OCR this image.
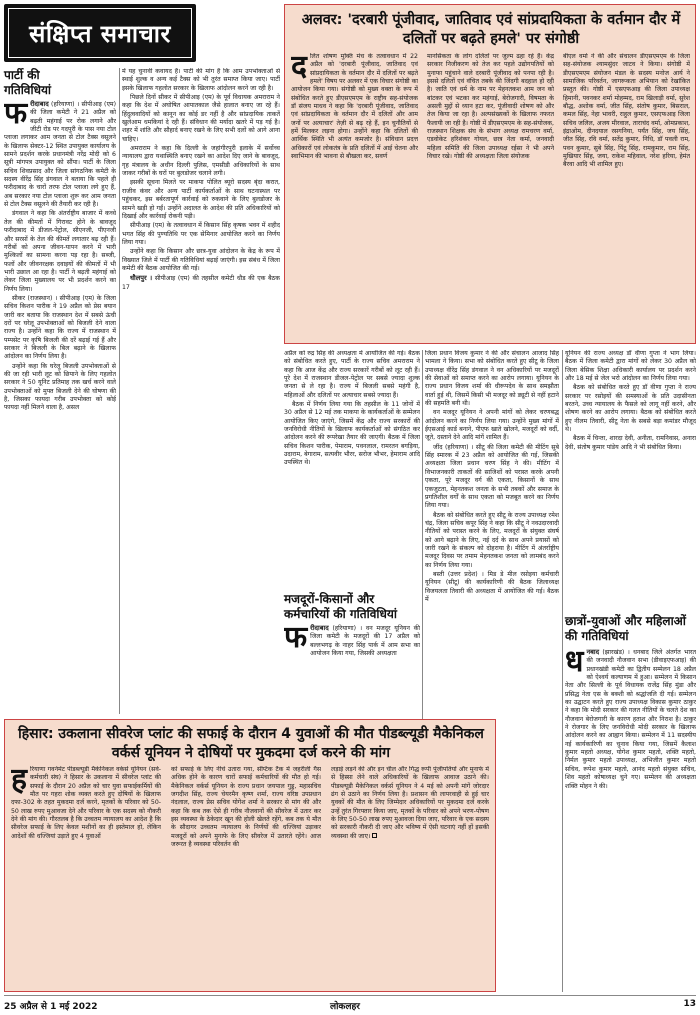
संक्षिप्त समाचार
पार्टी की
गतिविधियां

फरीदाबाद (हरियाणा) । सीपीआइ (एम) की जिला कमेटी ने 21 अप्रैल को बढ़ती महंगाई पर रोक लगाने और जीटी रोड पर गदपुरी के पास नया टोल प्लाजा लगाकर आम जनता से टोल टैक्स वसूलने के खिलाफ सेक्टर-12 स्थित उपायुक्त कार्यालय के सामने प्रदर्शन करके प्रधानमंत्री नरेंद्र मोदी को 6 सूत्री मांगपत्र उपायुक्त को सौंपा। पार्टी के जिला सचिव शिवप्रसाद और जिला सांगठनिक कमेटी के सदस्य वीरेंद्र सिंह डंगवाल ने बताया कि पहले ही फरीदाबाद के चारों तरफ टोल प्लाजा लगे हुए हैं, अब सरकार नया टोल प्लाजा शुरू कर आम जनता से टोल टैक्स वसूलने की तैयारी कर रही है।

डंगवाल ने कहा कि अंतर्राष्ट्रीय बाजार में कच्चे तेल की कीमतों में गिरावट होने के बावजूद फरीदाबाद में डीजल-पेट्रोल, सीएनजी, पीएनजी और सरसों के तेल की कीमतें लगातार बढ़ रही हैं। गरीबों को अपना जीवन-यापन करने में भारी मुश्किलों का सामना करना पड़ रहा है। सब्जी, फलों और जीवनरक्षक दवाइयों की कीमतों में भी भारी उछाल आ रहा है। पार्टी ने बढ़ती महंगाई को लेकर जिला मुख्यालय पर भी प्रदर्शन करने का निर्णय लिया।

सीकर (राजस्थान) । सीपीआइ (एम) के जिला सचिव किशन पारीक ने 19 अप्रैल को प्रेस बयान जारी कर बताया कि राजस्थान देश में सबसे ऊंची दरों पर घरेलू उपभोक्ताओं को बिजली देने वाला राज्य है। उन्होंने कहा कि राज्य में राजस्थान में पम्पसेट पर कृषि बिजली की दरें बढ़ाई गई हैं और सरकार ने बिजली के बिल बढ़ाने के खिलाफ आंदोलन का निर्णय लिया है।

उन्होंने कहा कि घरेलू बिजली उपभोक्ताओं से की जा रही भारी लूट को छिपाने के लिए गहलोत सरकार ने 50 यूनिट प्रतिमाह तक खर्च करने वाले उपभोक्ताओं को मुफ्त बिजली देने की घोषणा की है, जिसका फायदा गरीब उपभोक्ता को कोई फायदा नहीं मिलने वाला है, असल

में यह चुनावी कवायद है। पार्टी की मांग है कि आम उपभोक्ताओं से स्थाई शुल्क व अन्य कई टैक्स को भी तुरंत समाप्त किया जाए। पार्टी इसके खिलाफ गहलोत सरकार के खिलाफ आंदोलन करने जा रही है।

पिछले दिनों सीकर में सीपीआइ (एम) के पूर्व विधायक अमराराम ने कहा कि देश में अघोषित आपातकाल जैसे हालात बनाए जा रहे हैं। हिंदुत्ववादियों को कानून का कोई डर नहीं है और सांप्रदायिक ताकतें खुलेआम धमकियां दे रही हैं। संविधान की मर्यादा खतरे में पड़ गई है। शहर में शांति और सौहार्द बनाए रखने के लिए सभी दलों को आगे आना चाहिए।

अमराराम ने कहा कि दिल्ली के जहांगीरपुरी इलाके में सर्वोच्च न्यायालय द्वारा यथास्थिति बनाए रखने का आदेश दिए जाने के बावजूद, गृह मंत्रालय के अधीन दिल्ली पुलिस, एमसीडी अधिकारियों के साथ जाकर गरीबों के घरों पर बुलडोजर चलाने लगी।

इसकी सूचना मिलते पर माकपा पोलित ब्यूरो सदस्य बृंदा करात, राजीव कंवर और अन्य पार्टी कार्यकर्ताओं के साथ घटनास्थल पर पहुंचकर, इस बर्बरतापूर्ण कार्रवाई को रुकवाने के लिए बुलडोजर के सामने खड़ी हो गईं। उन्होंने अदालत के आदेश की प्रति अधिकारियों को दिखाई और कार्रवाई रोकनी पड़ी।

सीपीआइ (एम) के तत्वावधान में किसान सिंह कृषक भवन में शहीद भगत सिंह की पुण्यतिथि पर एक सेमिनार आयोजित करने का निर्णय लिया गया।

उन्होंने कहा कि किसान और छात्र-युवा आंदोलन के केंद्र के रूप में विख्यात जिले में पार्टी की गतिविधियां बढ़ाई जाएंगी। इस संबंध में जिला कमेटी की बैठक आयोजित की गई।

धौलपुर । सीपीआइ (एम) की तहसील कमेटी धौड की एक बैठक 17

अलवर: 'दरबारी पूंजीवाद, जातिवाद एवं सांप्रदायिकता के वर्तमान दौर में दलितों पर बढ़ते हमले' पर संगोष्ठी

दलित शोषण मुक्ति मंच के तत्वावधान में 22 अप्रैल को 'दरबारी पूंजीवाद, जातिवाद एवं सांप्रदायिकता के वर्तमान दौर में दलितों पर बढ़ते हमले' विषय पर अलवर में एक विचार संगोष्ठी का आयोजन किया गया। संगोष्ठी को मुख्य वक्ता के रूप में संबोधित करते हुए डीएसएमएम के राष्ट्रीय सह-संयोजक डॉ संजय माधव ने कहा कि 'दरबारी पूंजीवाद, जातिवाद एवं सांप्रदायिकता के वर्तमान दौर में दलितों और आम जनों पर अत्याचार' तेज़ी से बढ़ रहे हैं, इन चुनौतियों से हमें मिलकर लड़ना होगा। उन्होंने कहा कि दलितों की आर्थिक स्थिति भी अत्यंत कमजोर है। संविधान प्रदत्त अधिकारों एवं लोकतंत्र के प्रति दलितों में आई चेतना और स्वाभिमान की भावना से बौखला कर, सवर्ण

मानसिकता के लोग दलितों पर जुल्म ढहा रहे हैं। केंद्र सरकार निजीकरण को तेज कर पहले उद्योगपतियों को मुनाफा पहुंचाने वाले दरबारी पूंजीवाद को पनपा रही है। इससे दलितों एवं वंचित तबके की जिंदगी बदहाल हो रही है। जाति एवं धर्म के नाम पर मेहनतकश आम जन को बांटकर एवं भटका कर महंगाई, बेरोजगारी, विषमता के असली मुद्दों से ध्यान हटा कर, पूंजीवादी शोषण को और तेज किया जा रहा है। अल्पसंख्यकों के खिलाफ नफरत फैलायी जा रही है। गोष्ठी में डीएसएमएम के सह-संयोजक, राजस्थान शिक्षक संघ के संभाग अध्यक्ष रामचरण वर्मा, एडवोकेट हरिशंकर गोयल, छात्र नेता कर्मा, जनवादी महिला समिति की जिला उपाध्यक्ष रईसा ने भी अपने विचार रखे। गोष्ठी की अध्यक्षता जिला संयोजक

बीएल वर्मा ने की और संचालन डीएसएमएम के जिला सह-संयोजक श्यामसुंदर जाटव ने किया। संगोष्ठी में डीएसएमएम संयोजन मंडल के सदस्य मनोज आर्य ने सामाजिक परिवर्तन, जागरूकता अभियान को रेखांकित प्रस्तुत की। गोष्ठी में एसएफआइ की जिला उपाध्यक्ष हिमानी, पवनकर शर्मा मोहम्मद, राम खिलाड़ी वर्मा, सुरेश बौद्ध, अशोक वर्मा, जीत सिंह, संतोष कुमार, बिसराल, कमल सिंह, नेहा भावरी, राहुल कुमार, एसएफआइ जिला सचिव जलिल, अजय मीरवाल, ताराचंद वर्मा, ओमप्रकाश, इंद्राओम, दीनदयाल रसगनिया, पर्यंत सिंह, जय सिंह, जीत सिंह, रवि वर्मा, सतेंद्र कुमार, निधि, डॉ पवली राम, पवन कुमार, सुबे सिंह, पिंटू सिंह, रामकुमार, राम सिंह, मुखियार सिंह, जया, राकेश महिवाल, नरेश हरिया, हेमंत बैरवा आदि भी शामिल हुए।

अप्रैल को रुद्र सिंह की अध्यक्षता में आयोजित की गई। बैठक को संबोधित करते हुए, पार्टी के राज्य सचिव अमराराम ने कहा कि आज केंद्र और राज्य सरकारें गरीबों को लूट रही हैं। पूरे देश में राजस्थान डीजल-पेट्रोल पर सबसे ज्यादा शुल्क जनता से ले रहा है। राज्य में बिजली सबसे महंगी है, महिलाओं और दलितों पर अत्याचार सबसे ज्यादा हैं।

बैठक में निर्णय लिया गया कि तहसील के 11 जोनों में 30 अप्रैल से 12 मई तक माकपा के कार्यकर्ताओं के सम्मेलन आयोजित किए जाएंगे, जिसमें केंद्र और राज्य सरकारों की जनविरोधी नीतियों के खिलाफ कार्यकर्ताओं को संगठित कर आंदोलन करने की रूपरेखा तैयार की जाएगी। बैठक में जिला सचिव किशन पारीक, पेमाराम, पवनलाल, रामरतन बगड़िया, उदाराम, बेगाराम, सत्यवीर भौरर, सरोज भौभर, हेमाराम आदि उपस्थित थे।

मजदूरों-किसानों और कर्मचारियों की गतिविधियां

फरीदाबाद (हरियाणा) । वन मजदूर यूनियन की जिला कमेटी के मजदूरों की 17 अप्रैल को बल्लभगढ़ के नाहर सिंह पार्क में आम सभा का आयोजन किया गया, जिसकी अध्यक्षता

जिला प्रधान विजय कुमार ने की और संचालन आजाद सिंह भामला ने किया। सभा को संबोधित करते हुए सीटू के जिला उपाध्यक्ष वीरेंद्र सिंह डंगवाल ने वन अधिकारियों पर मजदूरों की सेवाओं को समाप्त करने का आरोप लगाया। यूनियन के राज्य प्रधान विजय शर्मा की धीरूपदेव के साथ समझौता वार्ता हुई थी, जिसमें किसी भी मजदूर को ड्यूटी से नहीं हटाने की सहमति बनी थी।

वन मजदूर यूनियन ने अपनी मांगों को लेकर चरणबद्ध आंदोलन करने का निर्णय लिया गया। उन्होंने मुख्य मांगों में ईएसआई कार्ड बनाने, पीएफ खाते खोलने, मजदूरों को वर्दी, जूते, दस्ताने देने आदि मांगें शामिल हैं।

जींद (हरियाणा) । सीटू की जिला कमेटी की मीटिंग सुबे सिंह स्मारक में 23 अप्रैल को आयोजित की गई, जिसकी अध्यक्षता जिला प्रधान चरण सिंह ने की। मीटिंग में विभाजनकारी ताकतों की साजिशों को परास्त करके अपनी एकता, पूरे मजदूर वर्ग की एकता, किसानों के साथ एकजुटता, मेहनतकश जनता के सभी तबकों और समाज के प्रगतिशील वर्गों के साथ एकता को मजबूत करने का निर्णय लिया गया।

बैठक को संबोधित करते हुए सीटू के राज्य उपाध्यक्ष रमेश चंद्र, जिला सचिव कपूर सिंह ने कहा कि सीटू ने नवउदारवादी नीतियों को परास्त करने के लिए, मजदूरों के संयुक्त संघर्ष को आगे बढ़ाने के लिए, नई दर्द के साथ अपने प्रयासों को जारी रखने के संकल्प को दोहराया है। मीटिंग में अंतर्राष्ट्रीय मजदूर दिवस पर तमाम मेहनतकश जनता को लामबंद करने का निर्णय लिया गया।

बस्ती (उत्तर प्रदेश) । मिड डे मील रसोइया कर्मचारी यूनियन (सीटू) की कार्यकारिणी की बैठक जिलाध्यक्ष विजयलता तिवारी की अध्यक्षता में आयोजित की गई। बैठक में

यूनियन की राज्य अध्यक्ष डॉ वीणा गुप्ता ने भाग लिया। बैठक में जिला कमेटी द्वारा मांगों को लेकर 30 अप्रैल को जिला बेसिक शिक्षा अधिकारी कार्यालय पर प्रदर्शन करने और 18 मई से जेल भरो आंदोलन का निर्णय लिया गया।

बैठक को संबोधित करते हुए डॉ वीणा गुप्ता ने राज्य सरकार पर रसोइयों की समस्याओं के प्रति उदासीनता बरतने, उच्च न्यायालय के फैसले को लागू नहीं करने, और शोषण करने का आरोप लगाया। बैठक को संबोधित करते हुए नीलम तिवारी, सीटू नेता के सबसे बड़ा कमांडर मौजूद थे।

बैठक में चिन्ता, शारदा देवी, अनीता, रामनिवास, अनारा देवी, संतोष कुमार पांडेय आदि ने भी संबोधित किया।

छात्रों-युवाओं और महिलाओं की गतिविधियां

धनबाद (झारखंड) । धनबाद जिले अंतर्गत भारत की जनवादी नौजवान सभा (डीवाइएफआइ) की प्रधानखंडी कमेटी का द्वितीय सम्मेलन 18 अप्रैल को ऐश्वर्य कल्याणम में हुआ। सम्मेलन में किसान नेता और सिल्ली के पूर्व विधायक राजेंद्र सिंह मुंडा और प्रसिद्ध नेता एस के बक्शी को श्रद्धांजलि दी गई। सम्मेलन का उद्घाटन करते हुए राज्य उपाध्यक्ष विकास कुमार ठाकुर ने कहा कि मोदी सरकार की गलत नीतियों के चलते देश का नौजवान बेरोजगारी के कारण हताश और निराश है। ठाकुर ने रोजगार के लिए जनविरोधी मोदी सरकार के खिलाफ आंदोलन करने का आह्वान किया। सम्मेलन में 11 सदस्यीय नई कार्यकारिणी का चुनाव किया गया, जिसमें कैलाश कुमार महतो अध्यक्ष, योगेश कुमार महतो, शक्ति महतो, निर्मल कुमार महतो उपाध्यक्ष, अभिजीत कुमार महतो सचिव, रूपेश कुमार महतो, आनंद महतो संयुक्त सचिव, शिव महतो कोषाध्यक्ष चुने गए। सम्मेलन की अध्यक्षता शक्ति मोहन ने की।

हिसार: उकलाना सीवरेज प्लांट की सफाई के दौरान 4 युवाओं की मौत पीडब्ल्यूडी मैकेनिकल वर्कर्स यूनियन ने दोषियों पर मुकदमा दर्ज करने की मांग

हरियाणा गवर्नमेंट पीडब्ल्यूडी मैकेनिकल वर्कर्स यूनियन (सर्व-कर्मचारी संघ) ने हिसार के उकलाना में सीवरेज प्लांट की सफाई के दौरान 20 अप्रैल को चार युवा सफाईकर्मियों की मौत पर गहरा शोक व्यक्त करते हुए दोषियों के खिलाफ दफा-302 के तहत मुकदमा दर्ज करने, मृतकों के परिवार को 50-50 लाख रुपए मुआवजा देने और परिवार के एक सदस्य को नौकरी देने की मांग की। गौरतलब है कि उच्चतम न्यायालय का आदेश है कि सीवरेज सफाई के लिए केवल मशीनों का ही इस्तेमाल हो, लेकिन आदेशों की धज्जियां उड़ाते हुए 4 युवाओं

को सफाई के लिए नीचे उतारा गया, सेप्टिक टैंक में जहरीली गैस अधिक होने के कारण चारों सफाई कर्मचारियों की मौत हो गई। मैकेनिकल वर्कर्स यूनियन के राज्य प्रधान जयपाल गुड्ड, महासचिव जगदीश सिंह, राज्य चेयरमैन कृष्ण शर्मा, राज्य वरिष्ठ उपप्रधान नंदलाल, राज्य प्रेस सचिव योगेश शर्मा ने सरकार से मांग की और कहा कि कब तक ऐसे ही गरीब नौजवानों की सीवरेज में उतार कर इस व्यवस्था के ठेकेदार खून की होली खेलते रहेंगे, कब तक ये मौत के सौदागर उच्चतम न्यायालय के निर्णयों की धज्जियां उड़ाकर मजदूरों को अपने मुनाफे के लिए सीवरेज में उतारते रहेंगे। आज जरूरत है व्यवस्था परिवर्तन की

लड़ाई लड़ने की और इन चील और गिद्ध रूपी पूंजीपतियों और मुनाफे में से हिस्सा लेने वाले अधिकारियों के खिलाफ आवाज उठाने की। पीडब्ल्यूडी मैकेनिकल वर्कर्स यूनियन ने 4 मई को अपनी मांगें जोरदार ढंग से उठाने का निर्णय लिया है। प्रशासन की लापरवाही से हुई चार युवकों की मौत के लिए जिम्मेदार अधिकारियों पर मुकदमा दर्ज करके उन्हें तुरंत गिरफ्तार किया जाए, मृतकों के परिवार को अपने भरण-पोषण के लिए 50-50 लाख रुपए मुआवजा दिया जाए, परिवार के एक सदस्य को सरकारी नौकरी दी जाए और भविष्य में ऐसी घटनाएं नहीं हों इसकी व्यवस्था की जाए।

25 अप्रैल से 1 मई 2022	लोकलहर	13
